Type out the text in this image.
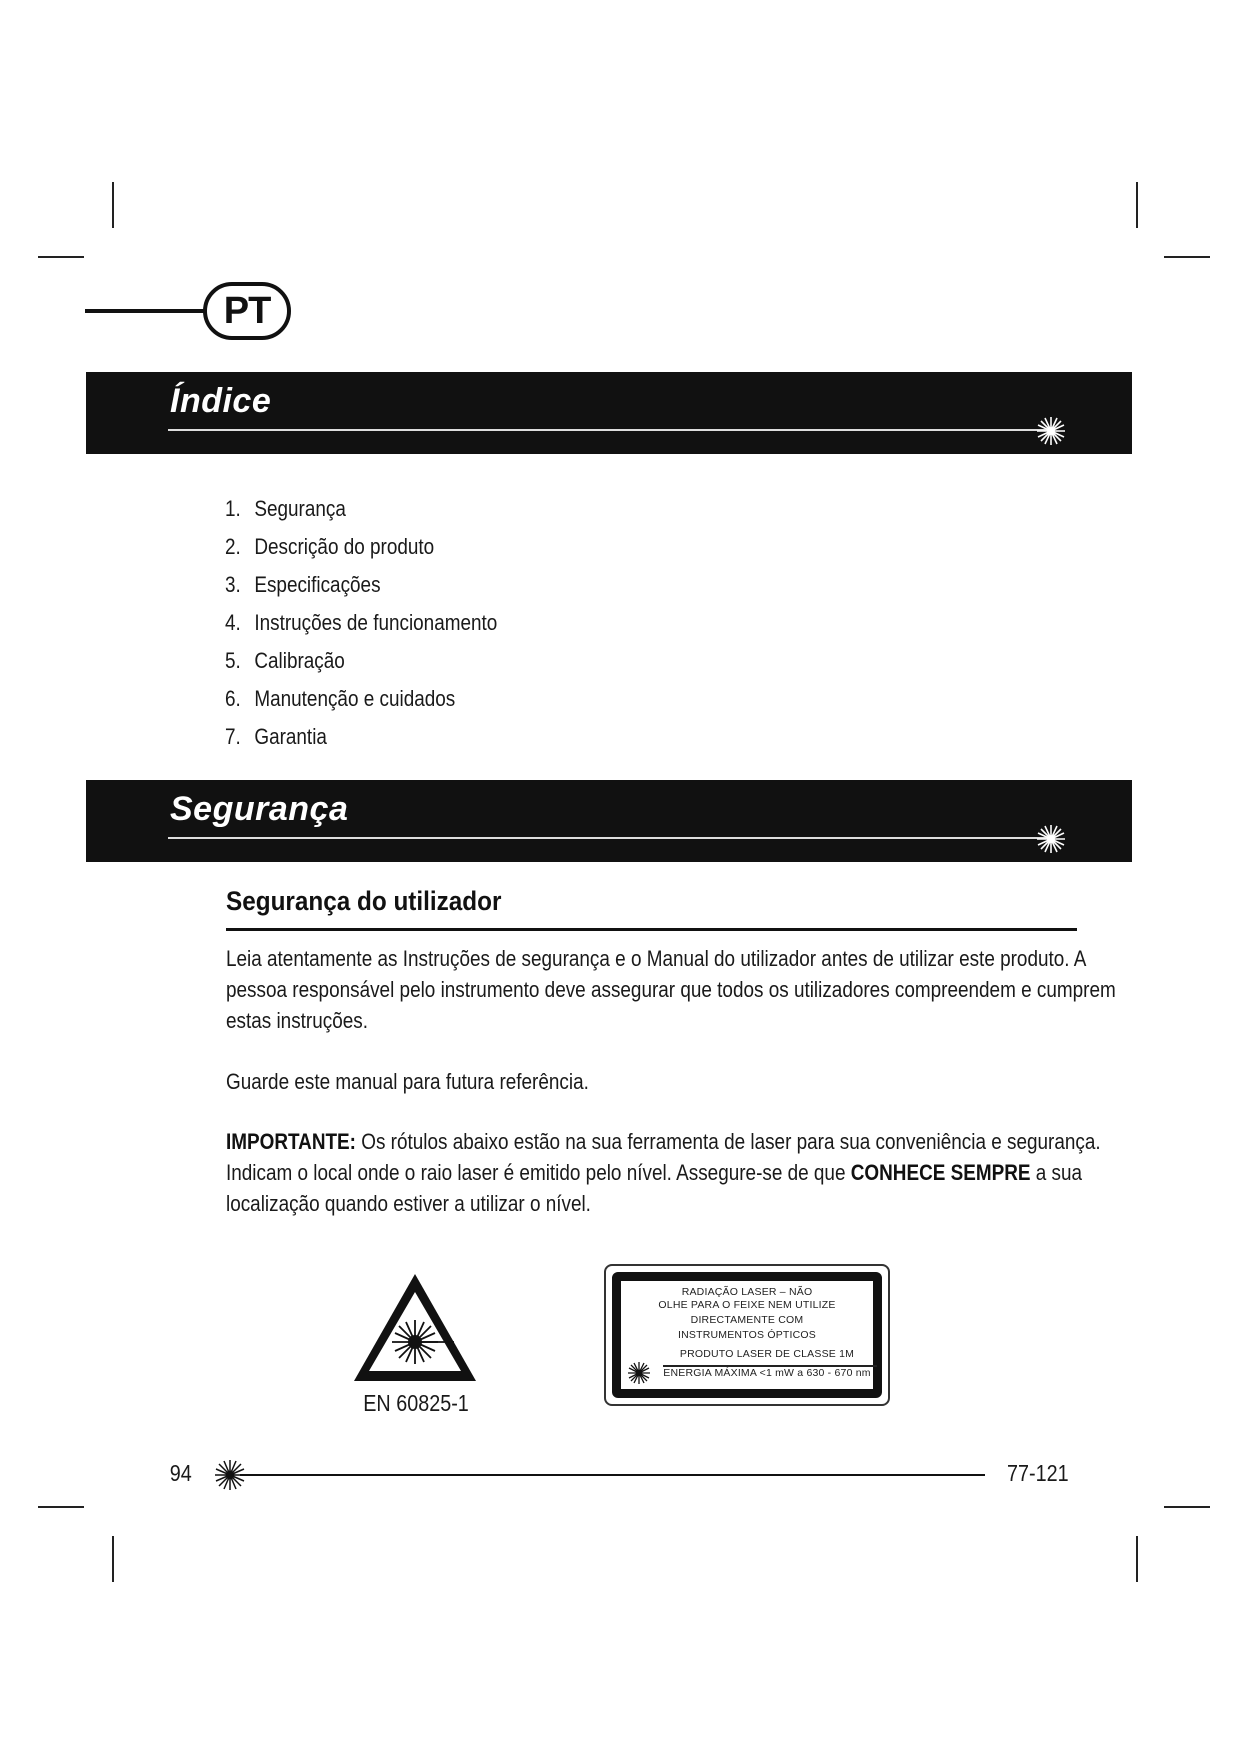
PT
Índice
1. Segurança
2. Descrição do produto
3. Especificações
4. Instruções de funcionamento
5. Calibração
6. Manutenção e cuidados
7. Garantia
Segurança
Segurança do utilizador
Leia atentamente as Instruções de segurança e o Manual do utilizador antes de utilizar este produto. A pessoa responsável pelo instrumento deve assegurar que todos os utilizadores compreendem e cumprem estas instruções.
Guarde este manual para futura referência.
IMPORTANTE: Os rótulos abaixo estão na sua ferramenta de laser para sua conveniência e segurança. Indicam o local onde o raio laser é emitido pelo nível. Assegure-se de que CONHECE SEMPRE a sua localização quando estiver a utilizar o nível.
EN 60825-1
RADIAÇÃO LASER – NÃO
OLHE PARA O FEIXE NEM UTILIZE
DIRECTAMENTE COM
INSTRUMENTOS ÓPTICOS
PRODUTO LASER DE CLASSE 1M
ENERGIA MÁXIMA <1 mW a 630 - 670 nm
94	77-121
